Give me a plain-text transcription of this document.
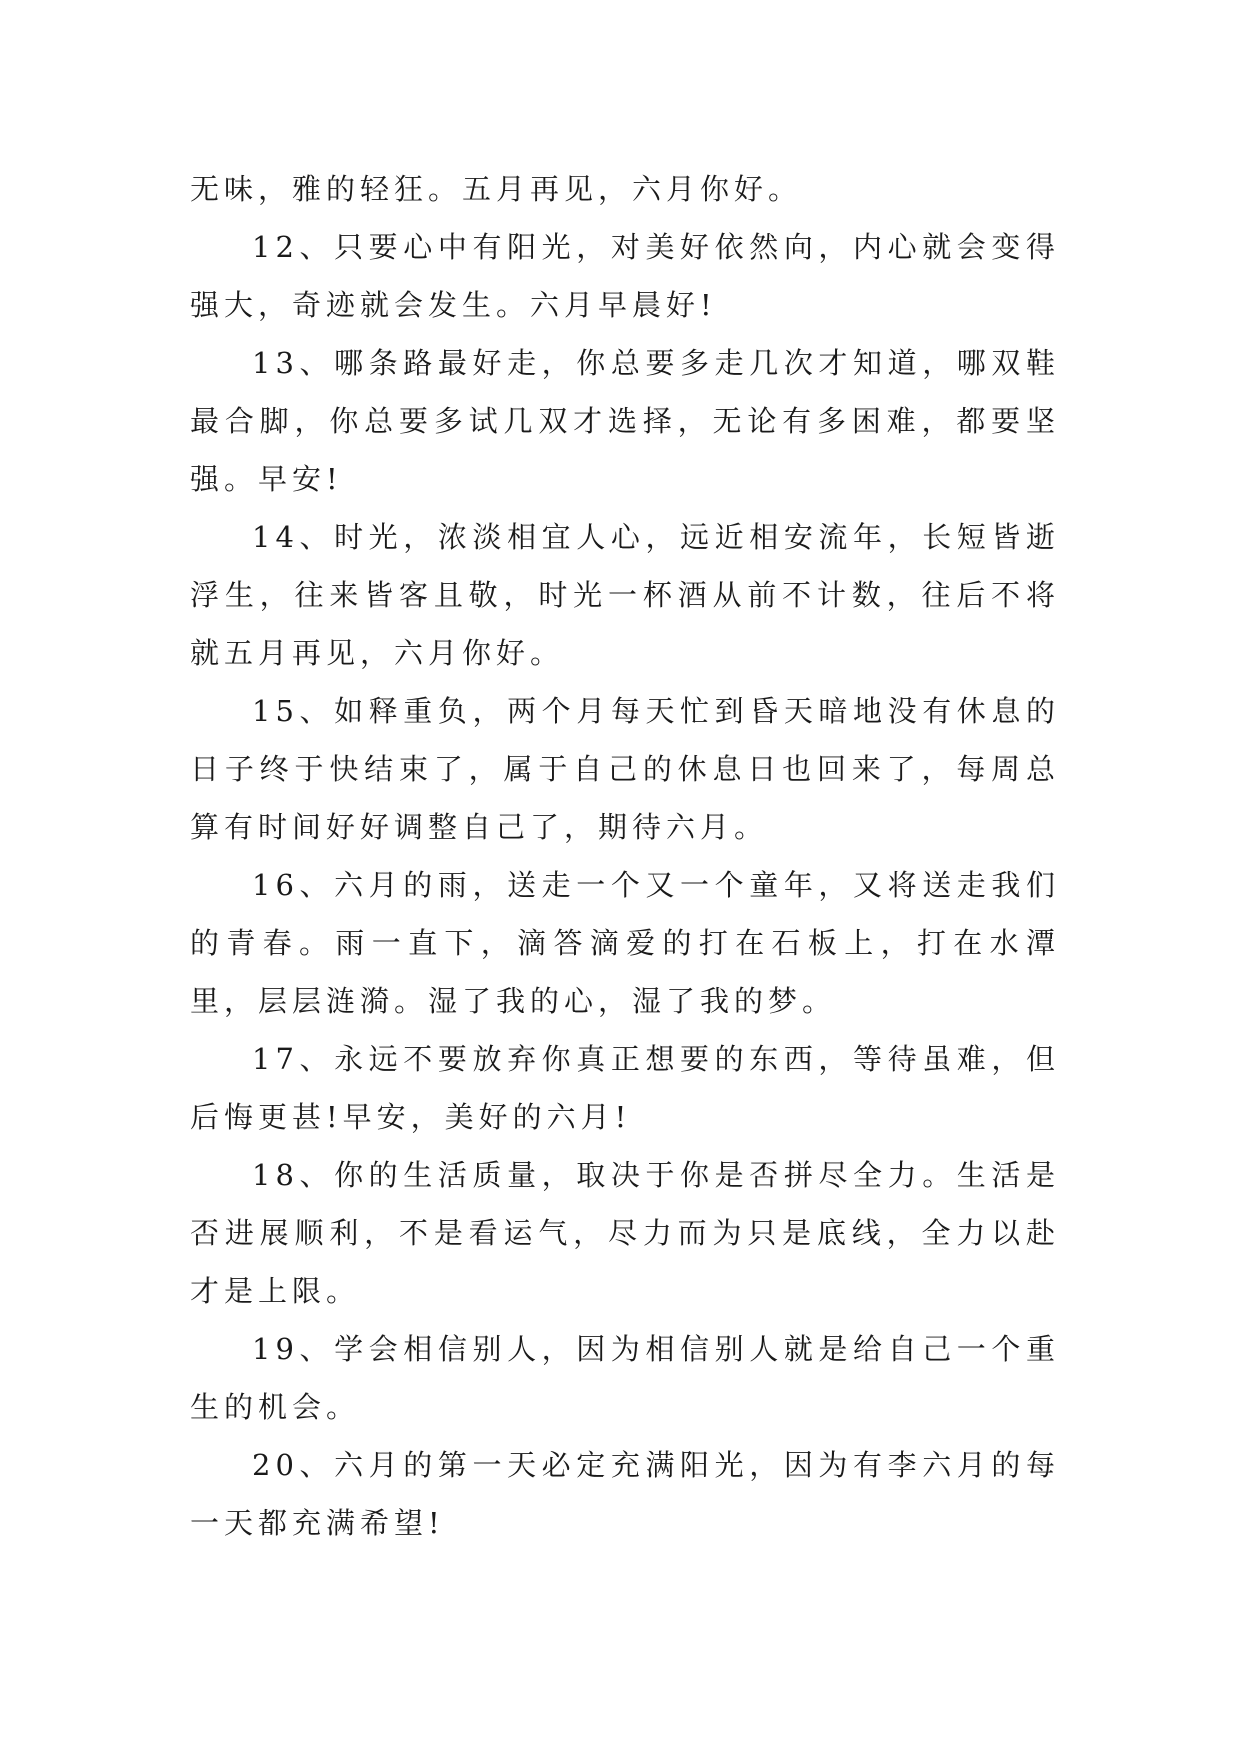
无味，雅的轻狂。五月再见，六月你好。

12、只要心中有阳光，对美好依然向，内心就会变得强大，奇迹就会发生。六月早晨好!

13、哪条路最好走，你总要多走几次才知道，哪双鞋最合脚，你总要多试几双才选择，无论有多困难，都要坚强。早安!

14、时光，浓淡相宜人心，远近相安流年，长短皆逝浮生，往来皆客且敬，时光一杯酒从前不计数，往后不将就五月再见，六月你好。

15、如释重负，两个月每天忙到昏天暗地没有休息的日子终于快结束了，属于自己的休息日也回来了，每周总算有时间好好调整自己了，期待六月。

16、六月的雨，送走一个又一个童年，又将送走我们的青春。雨一直下，滴答滴爱的打在石板上，打在水潭里，层层涟漪。湿了我的心，湿了我的梦。

17、永远不要放弃你真正想要的东西，等待虽难，但后悔更甚!早安，美好的六月!

18、你的生活质量，取决于你是否拼尽全力。生活是否进展顺利，不是看运气，尽力而为只是底线，全力以赴才是上限。

19、学会相信别人，因为相信别人就是给自己一个重生的机会。

20、六月的第一天必定充满阳光，因为有李六月的每一天都充满希望!
